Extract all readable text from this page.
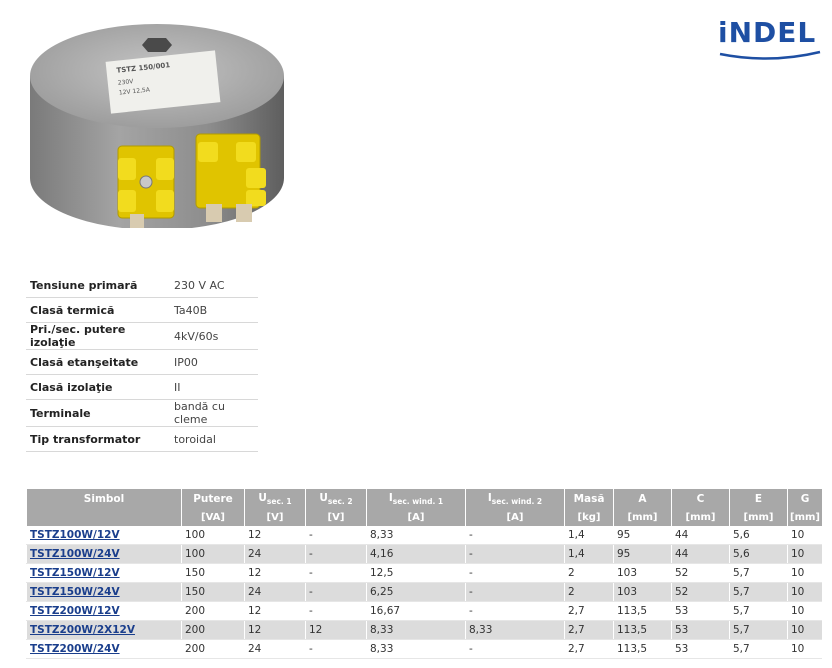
TSTZ 150/001
230V
12V 12,5A
iNDEL
Tensiune primară	230 V AC
Clasă termică	Ta40B
Pri./sec. putere izolaţie	4kV/60s
Clasă etanşeitate	IP00
Clasă izolaţie	II
Terminale	bandă cu cleme
Tip transformator	toroidal
Simbol	Putere	$U_{sec. 1}$	$U_{sec. 2}$	$I_{sec. wind. 1}$	$I_{sec. wind. 2}$	Masă	A	C	E	G
	[VA]	[V]	[V]	[A]	[A]	[kg]	[mm]	[mm]	[mm]	[mm]
TSTZ100W/12V	100	12	-	8,33	-	1,4	95	44	5,6	10
TSTZ100W/24V	100	24	-	4,16	-	1,4	95	44	5,6	10
TSTZ150W/12V	150	12	-	12,5	-	2	103	52	5,7	10
TSTZ150W/24V	150	24	-	6,25	-	2	103	52	5,7	10
TSTZ200W/12V	200	12	-	16,67	-	2,7	113,5	53	5,7	10
TSTZ200W/2X12V	200	12	12	8,33	8,33	2,7	113,5	53	5,7	10
TSTZ200W/24V	200	24	-	8,33	-	2,7	113,5	53	5,7	10
